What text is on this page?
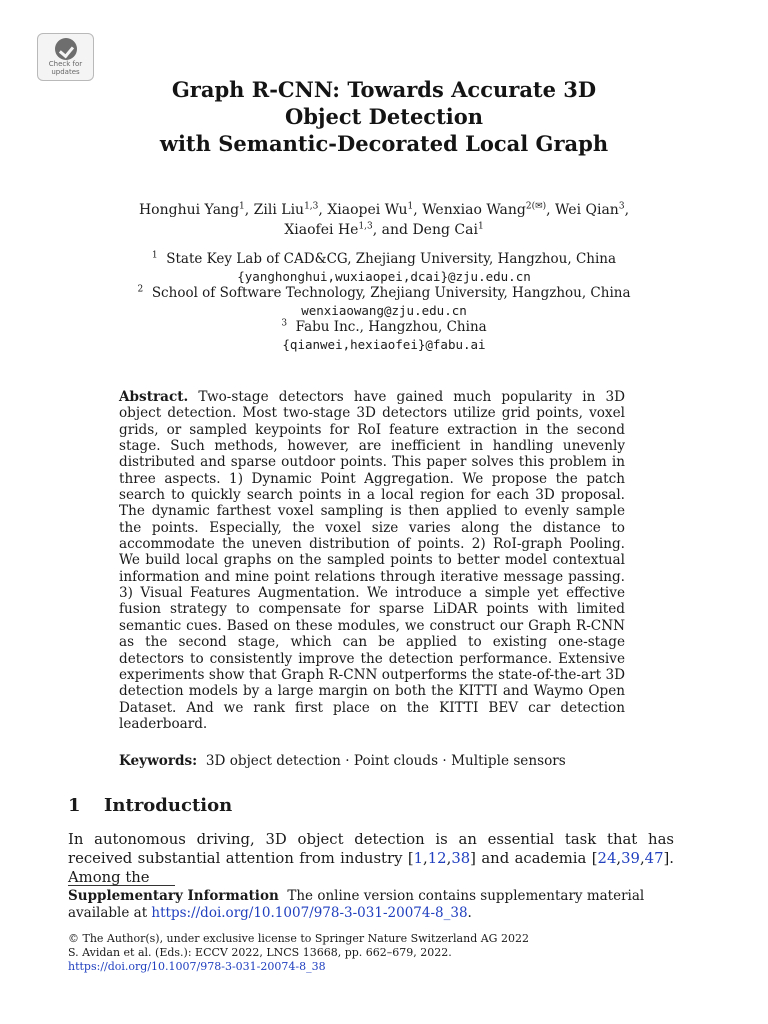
Check for
updates
Graph R-CNN: Towards Accurate 3D
Object Detection
with Semantic-Decorated Local Graph
Honghui Yang$^1$, Zili Liu$^{1,3}$, Xiaopei Wu$^1$, Wenxiao Wang$^{2(✉)}$, Wei Qian$^3$,
Xiaofei He$^{1,3}$, and Deng Cai$^1$
$^1$ State Key Lab of CAD&CG, Zhejiang University, Hangzhou, China
{yanghonghui,wuxiaopei,dcai}@zju.edu.cn
$^2$ School of Software Technology, Zhejiang University, Hangzhou, China
wenxiaowang@zju.edu.cn
$^3$ Fabu Inc., Hangzhou, China
{qianwei,hexiaofei}@fabu.ai
Abstract. Two-stage detectors have gained much popularity in 3D object detection. Most two-stage 3D detectors utilize grid points, voxel grids, or sampled keypoints for RoI feature extraction in the second stage. Such methods, however, are inefficient in handling unevenly distributed and sparse outdoor points. This paper solves this problem in three aspects. 1) Dynamic Point Aggregation. We propose the patch search to quickly search points in a local region for each 3D proposal. The dynamic farthest voxel sampling is then applied to evenly sample the points. Especially, the voxel size varies along the distance to accommodate the uneven distribution of points. 2) RoI-graph Pooling. We build local graphs on the sampled points to better model contextual information and mine point relations through iterative message passing. 3) Visual Features Augmentation. We introduce a simple yet effective fusion strategy to compensate for sparse LiDAR points with limited semantic cues. Based on these modules, we construct our Graph R-CNN as the second stage, which can be applied to existing one-stage detectors to consistently improve the detection performance. Extensive experiments show that Graph R-CNN outperforms the state-of-the-art 3D detection models by a large margin on both the KITTI and Waymo Open Dataset. And we rank first place on the KITTI BEV car detection leaderboard.
Keywords: 3D object detection · Point clouds · Multiple sensors
1 Introduction
In autonomous driving, 3D object detection is an essential task that has received substantial attention from industry [1,12,38] and academia [24,39,47]. Among the
Supplementary Information The online version contains supplementary material available at https://doi.org/10.1007/978-3-031-20074-8_38.
© The Author(s), under exclusive license to Springer Nature Switzerland AG 2022
S. Avidan et al. (Eds.): ECCV 2022, LNCS 13668, pp. 662–679, 2022.
https://doi.org/10.1007/978-3-031-20074-8_38
